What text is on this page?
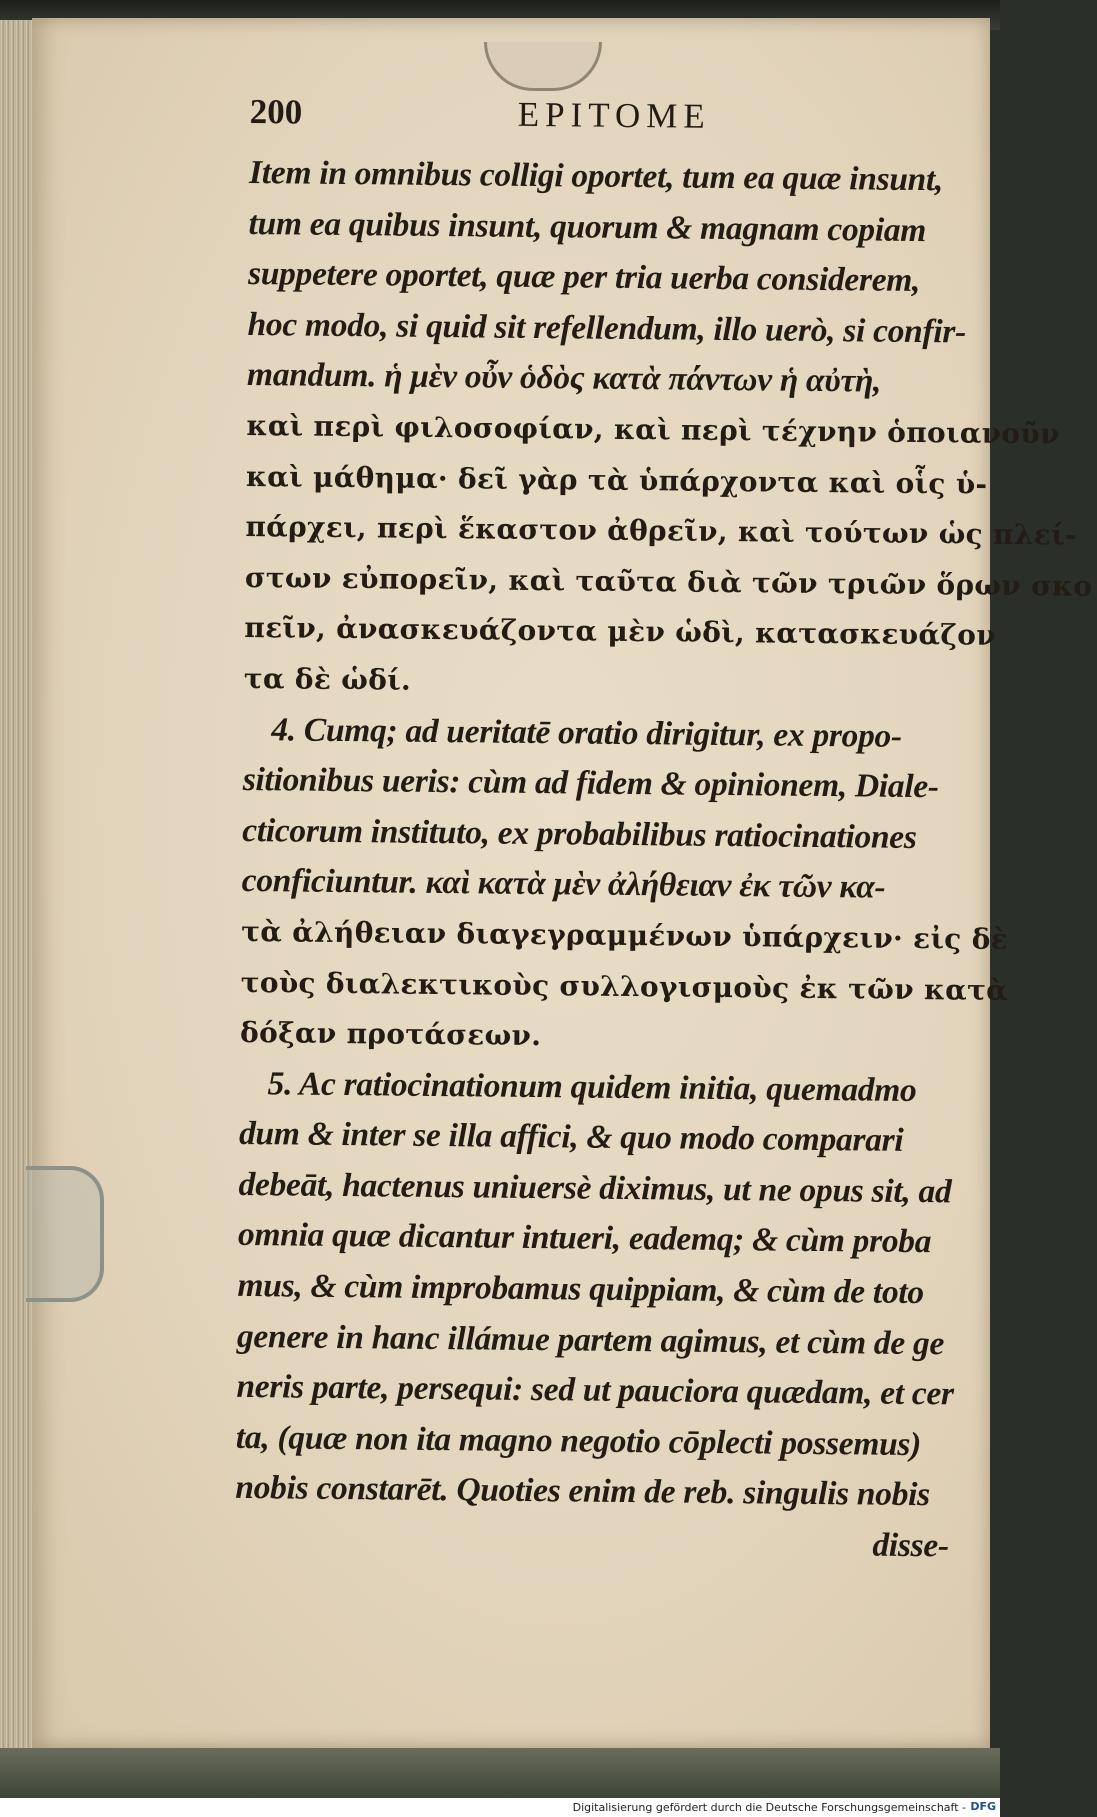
200	EPITOME
Item in omnibus colligi oportet, tum ea quæ insunt,
tum ea quibus insunt, quorum & magnam copiam
suppetere oportet, quæ per tria uerba considerem,
hoc modo, si quid sit refellendum, illo uerò, si confir-
mandum. ἡ μὲν οὖν ὁδὸς κατὰ πάντων ἡ αὐτὴ,
καὶ περὶ φιλοσοφίαν, καὶ περὶ τέχνην ὁποιανοῦν
καὶ μάθημα· δεῖ γὰρ τὰ ὑπάρχοντα καὶ οἷς ὑ-
πάρχει, περὶ ἕκαστον ἀθρεῖν, καὶ τούτων ὡς πλεί-
στων εὐπορεῖν, καὶ ταῦτα διὰ τῶν τριῶν ὅρων σκο
πεῖν, ἀνασκευάζοντα μὲν ὡδὶ, κατασκευάζον
τα δὲ ὡδί.
4. Cumq; ad ueritatē oratio dirigitur, ex propo-
sitionibus ueris: cùm ad fidem & opinionem, Diale-
cticorum instituto, ex probabilibus ratiocinationes
conficiuntur. καὶ κατὰ μὲν ἀλήθειαν ἐκ τῶν κα-
τὰ ἀλήθειαν διαγεγραμμένων ὑπάρχειν· εἰς δὲ
τοὺς διαλεκτικοὺς συλλογισμοὺς ἐκ τῶν κατὰ
δόξαν προτάσεων.
5. Ac ratiocinationum quidem initia, quemadmo
dum & inter se illa affici, & quo modo comparari
debeāt, hactenus uniuersè diximus, ut ne opus sit, ad
omnia quæ dicantur intueri, eademq; & cùm proba
mus, & cùm improbamus quippiam, & cùm de toto
genere in hanc illámue partem agimus, et cùm de ge
neris parte, persequi: sed ut pauciora quædam, et cer
ta, (quæ non ita magno negotio cōplecti possemus)
nobis constarēt. Quoties enim de reb. singulis nobis
disse-
Digitalisierung gefördert durch die Deutsche Forschungsgemeinschaft - DFG
